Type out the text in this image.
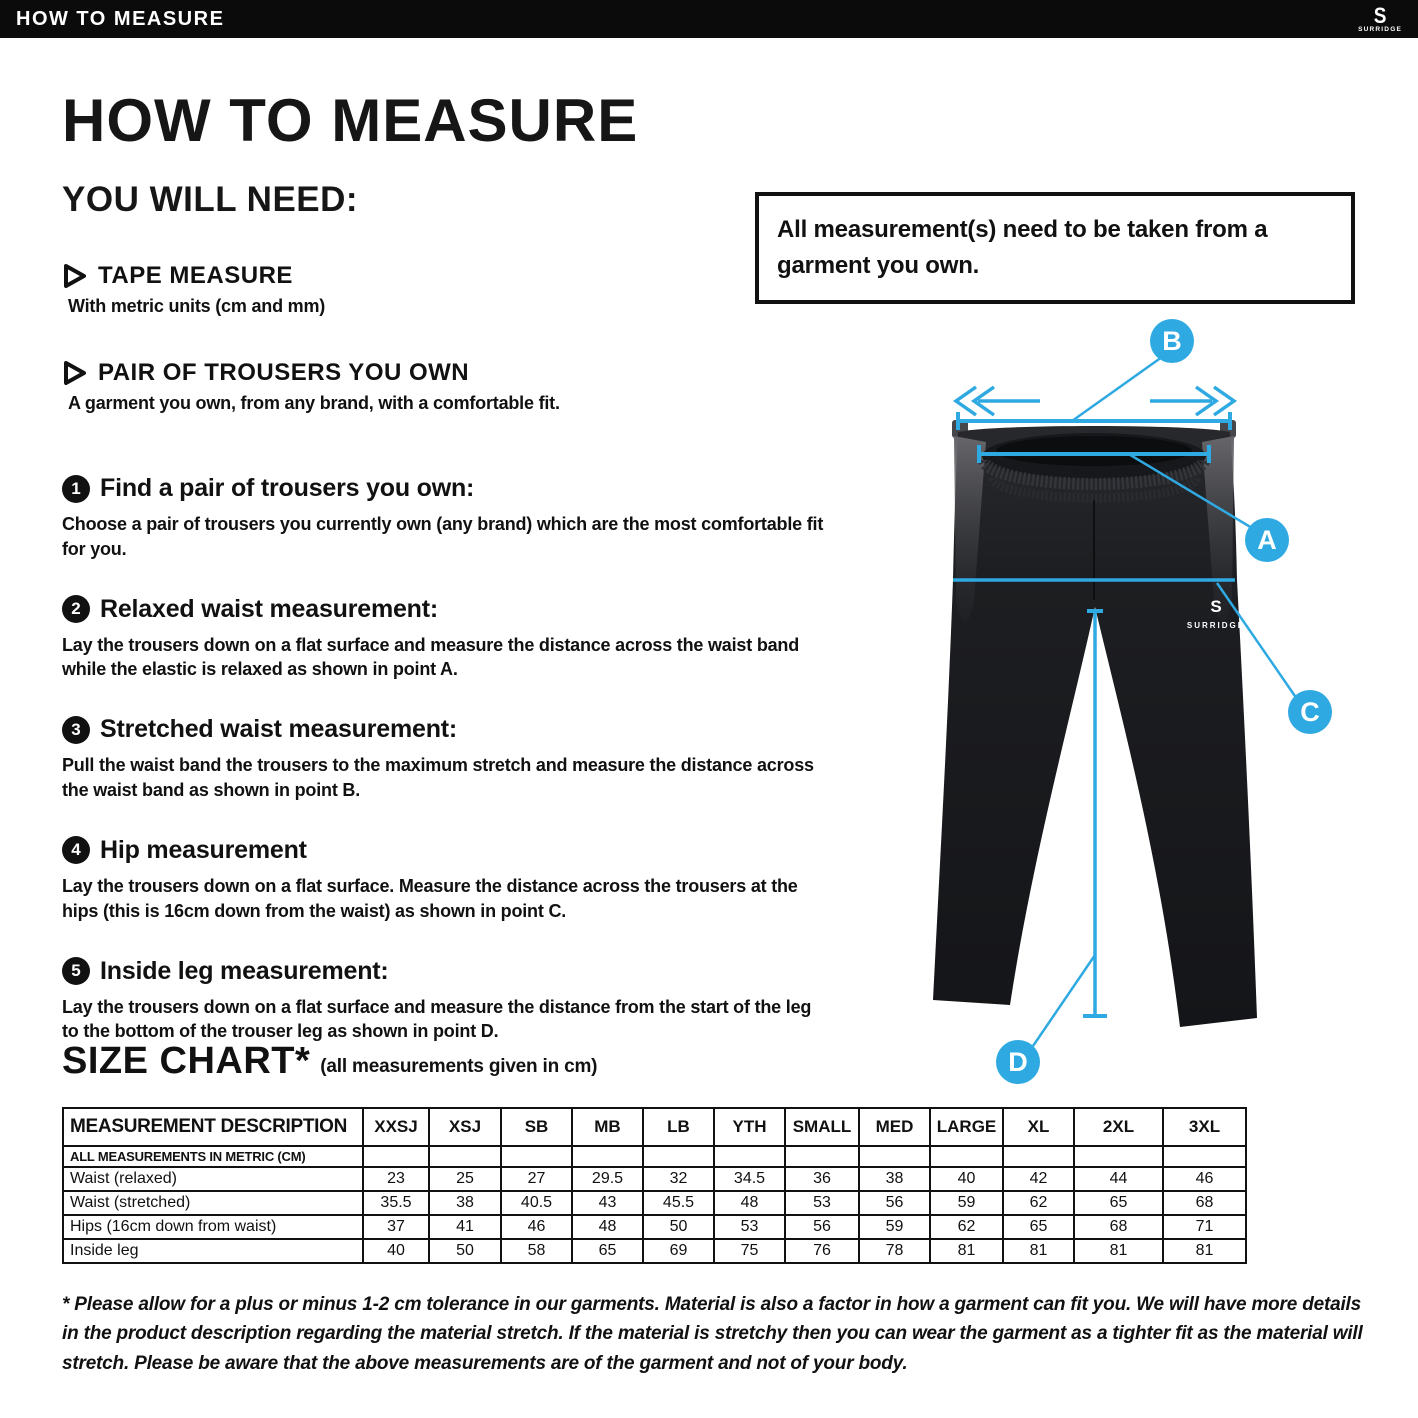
HOW TO MEASURE	S
SURRIDGE
HOW TO MEASURE
YOU WILL NEED:
TAPE MEASURE
With metric units (cm and mm)
PAIR OF TROUSERS YOU OWN
A garment you own, from any brand, with a comfortable fit.
1 Find a pair of trousers you own:
Choose a pair of trousers you currently own (any brand) which are the most comfortable fit for you.
2 Relaxed waist measurement:
Lay the trousers down on a flat surface and measure the distance across the waist band while the elastic is relaxed as shown in point A.
3 Stretched waist measurement:
Pull the waist band the trousers to the maximum stretch and measure the distance across the waist band as shown in point B.
4 Hip measurement
Lay the trousers down on a flat surface. Measure the distance across the trousers at the hips (this is 16cm down from the waist) as shown in point C.
5 Inside leg measurement:
Lay the trousers down on a flat surface and measure the distance from the start of the leg to the bottom of the trouser leg as shown in point D.
All measurement(s) need to be taken from a garment you own.
S
SURRIDGE
B
A
C
D
SIZE CHART* (all measurements given in cm)
MEASUREMENT DESCRIPTION	XXSJ	XSJ	SB	MB	LB	YTH	SMALL	MED	LARGE	XL	2XL	3XL
ALL MEASUREMENTS IN METRIC (CM)												
Waist (relaxed)	23	25	27	29.5	32	34.5	36	38	40	42	44	46
Waist (stretched)	35.5	38	40.5	43	45.5	48	53	56	59	62	65	68
Hips (16cm down from waist)	37	41	46	48	50	53	56	59	62	65	68	71
Inside leg	40	50	58	65	69	75	76	78	81	81	81	81
* Please allow for a plus or minus 1-2 cm tolerance in our garments. Material is also a factor in how a garment can fit you. We will have more details in the product description regarding the material stretch. If the material is stretchy then you can wear the garment as a tighter fit as the material will stretch. Please be aware that the above measurements are of the garment and not of your body.
